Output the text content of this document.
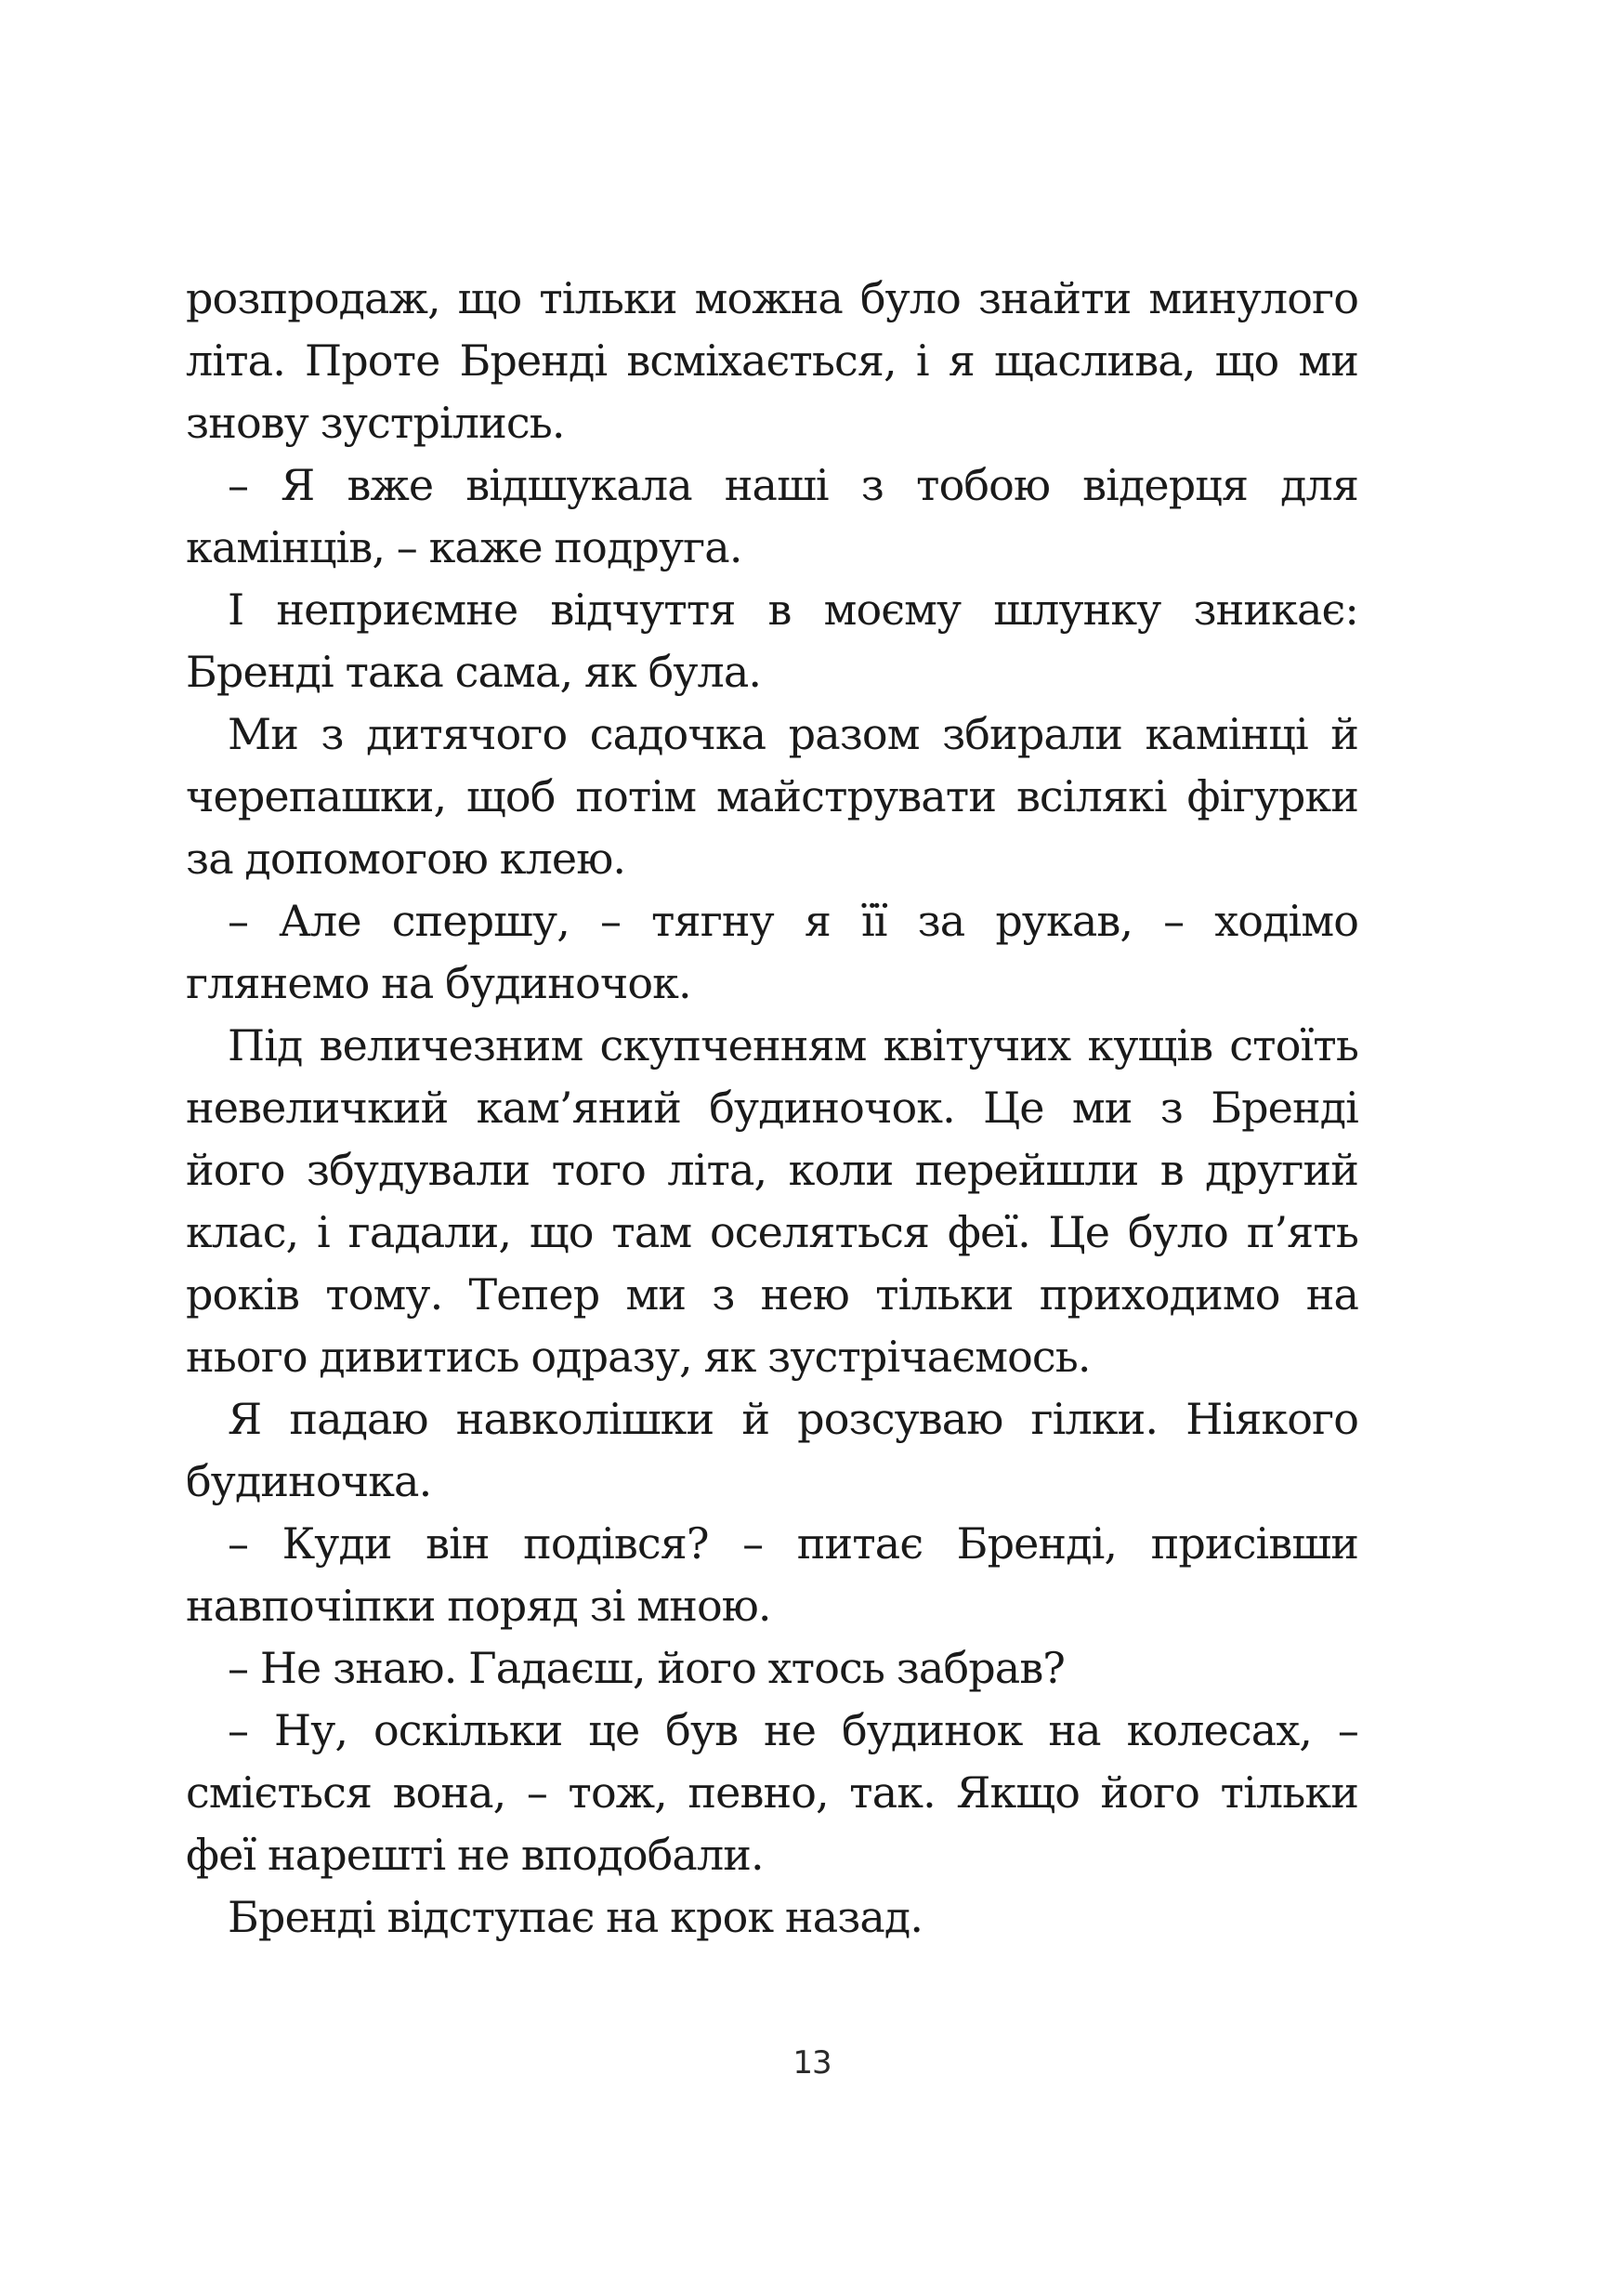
розпродаж, що тільки можна було знайти минулого літа. Проте Бренді всміхається, і я щаслива, що ми знову зустрілись.

– Я вже відшукала наші з тобою відерця для камінців, – каже подруга.

І неприємне відчуття в моєму шлунку зникає: Бренді така сама, як була.

Ми з дитячого садочка разом збирали камінці й черепашки, щоб потім майструвати всілякі фігурки за допомогою клею.

– Але спершу, – тягну я її за рукав, – ходімо глянемо на будиночок.

Під величезним скупченням квітучих кущів стоїть невеличкий кам’яний будиночок. Це ми з Бренді його збудували того літа, коли перейшли в другий клас, і гадали, що там оселяться феї. Це було п’ять років тому. Тепер ми з нею тільки приходимо на нього дивитись одразу, як зустрічаємось.

Я падаю навколішки й розсуваю гілки. Ніякого будиночка.

– Куди він подівся? – питає Бренді, присівши навпочіпки поряд зі мною.

– Не знаю. Гадаєш, його хтось забрав?

– Ну, оскільки це був не будинок на колесах, – сміється вона, – тож, певно, так. Якщо його тільки феї нарешті не вподобали.

Бренді відступає на крок назад.

13
